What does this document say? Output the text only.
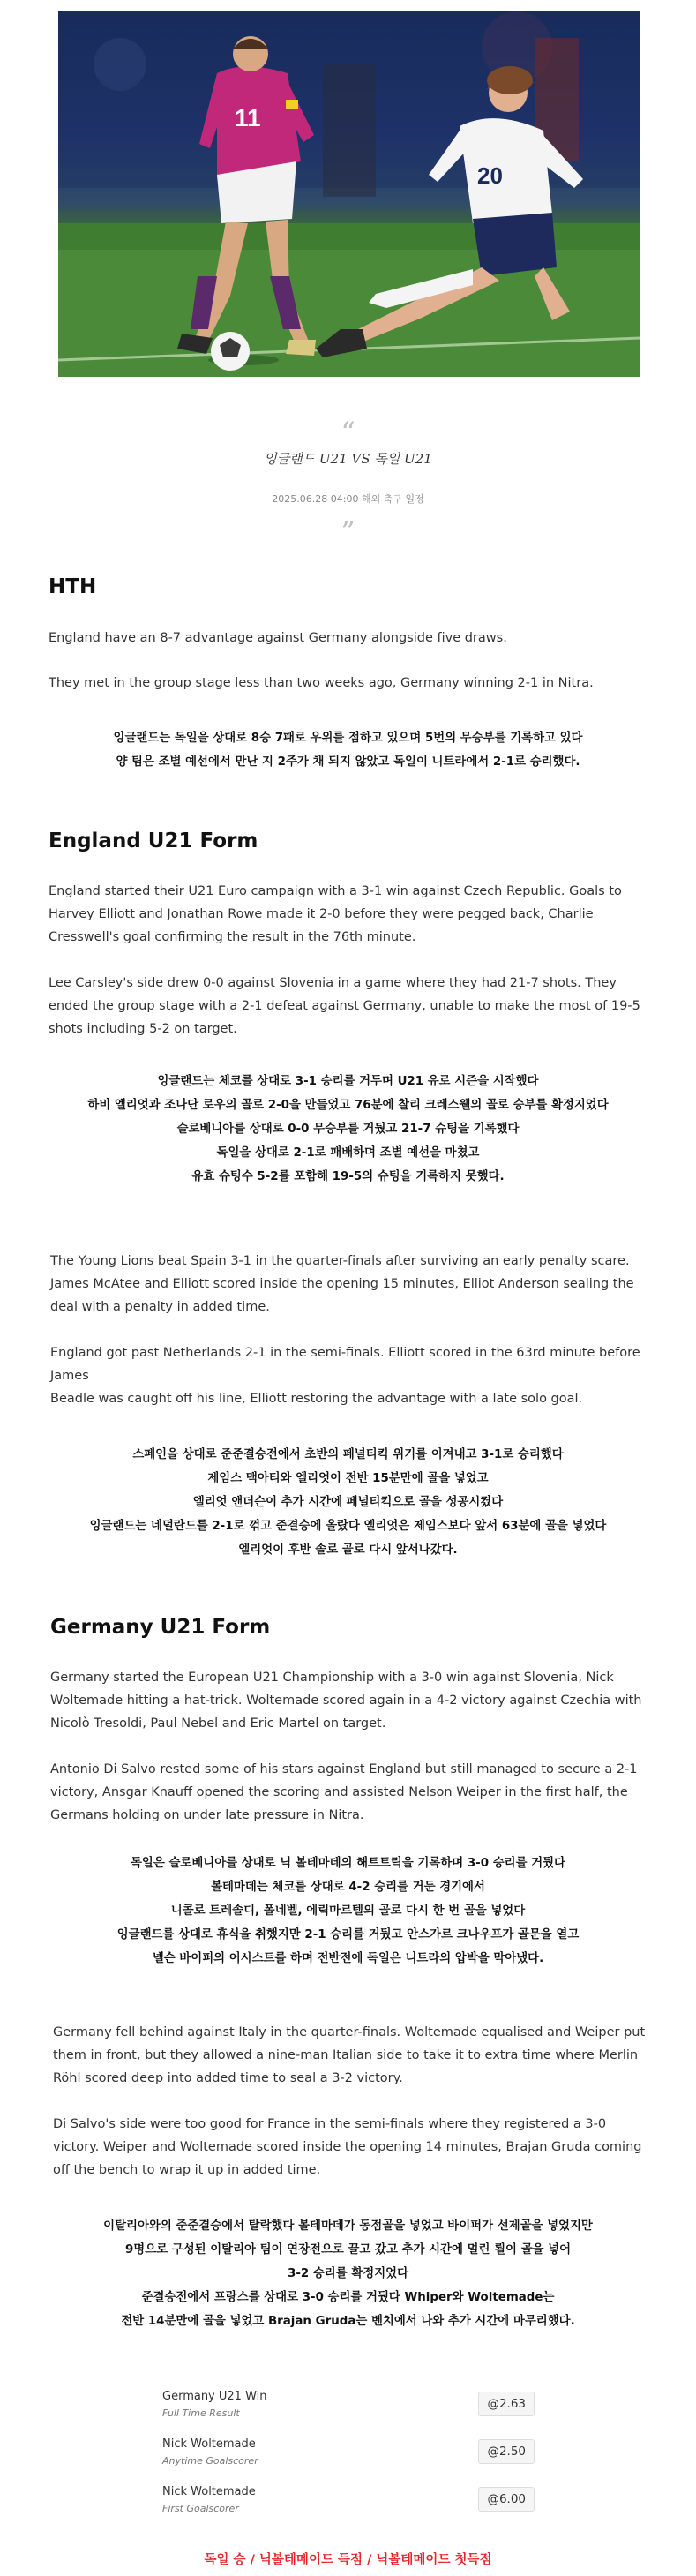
11
20
“
잉글랜드 U21 VS 독일 U21
2025.06.28 04:00 해외 축구 일정
”
HTH

England have an 8-7 advantage against Germany alongside five draws.

They met in the group stage less than two weeks ago, Germany winning 2-1 in Nitra.

잉글랜드는 독일을 상대로 8승 7패로 우위를 점하고 있으며 5번의 무승부를 기록하고 있다
양 팀은 조별 예선에서 만난 지 2주가 채 되지 않았고 독일이 니트라에서 2-1로 승리했다.
England U21 Form

England started their U21 Euro campaign with a 3-1 win against Czech Republic. Goals to Harvey Elliott and Jonathan Rowe made it 2-0 before they were pegged back, Charlie Cresswell's goal confirming the result in the 76th minute.

Lee Carsley's side drew 0-0 against Slovenia in a game where they had 21-7 shots. They ended the group stage with a 2-1 defeat against Germany, unable to make the most of 19-5 shots including 5-2 on target.

잉글랜드는 체코를 상대로 3-1 승리를 거두며 U21 유로 시즌을 시작했다
하비 엘리엇과 조나단 로우의 골로 2-0을 만들었고 76분에 찰리 크레스웰의 골로 승부를 확정지었다
슬로베니아를 상대로 0-0 무승부를 거뒀고 21-7 슈팅을 기록했다
독일을 상대로 2-1로 패배하며 조별 예선을 마쳤고
유효 슈팅수 5-2를 포함해 19-5의 슈팅을 기록하지 못했다.

The Young Lions beat Spain 3-1 in the quarter-finals after surviving an early penalty scare. James McAtee and Elliott scored inside the opening 15 minutes, Elliot Anderson sealing the deal with a penalty in added time.

England got past Netherlands 2-1 in the semi-finals. Elliott scored in the 63rd minute before James

Beadle was caught off his line, Elliott restoring the advantage with a late solo goal.

스페인을 상대로 준준결승전에서 초반의 페널티킥 위기를 이겨내고 3-1로 승리했다
제임스 맥아티와 엘리엇이 전반 15분만에 골을 넣었고
엘리엇 앤더슨이 추가 시간에 페널티킥으로 골을 성공시켰다
잉글랜드는 네덜란드를 2-1로 꺾고 준결승에 올랐다 엘리엇은 제임스보다 앞서 63분에 골을 넣었다
엘리엇이 후반 솔로 골로 다시 앞서나갔다.
Germany U21 Form

Germany started the European U21 Championship with a 3-0 win against Slovenia, Nick Woltemade hitting a hat-trick. Woltemade scored again in a 4-2 victory against Czechia with Nicolò Tresoldi, Paul Nebel and Eric Martel on target.

Antonio Di Salvo rested some of his stars against England but still managed to secure a 2-1 victory, Ansgar Knauff opened the scoring and assisted Nelson Weiper in the first half, the Germans holding on under late pressure in Nitra.

독일은 슬로베니아를 상대로 닉 볼테마데의 해트트릭을 기록하며 3-0 승리를 거뒀다
볼테마데는 체코를 상대로 4-2 승리를 거둔 경기에서
니콜로 트레솔디, 폴네벨, 에릭마르텔의 골로 다시 한 번 골을 넣었다
잉글랜드를 상대로 휴식을 취했지만 2-1 승리를 거뒀고 안스가르 크나우프가 골문을 열고
넬슨 바이퍼의 어시스트를 하며 전반전에 독일은 니트라의 압박을 막아냈다.

Germany fell behind against Italy in the quarter-finals. Woltemade equalised and Weiper put them in front, but they allowed a nine-man Italian side to take it to extra time where Merlin Röhl scored deep into added time to seal a 3-2 victory.

Di Salvo's side were too good for France in the semi-finals where they registered a 3-0 victory. Weiper and Woltemade scored inside the opening 14 minutes, Brajan Gruda coming off the bench to wrap it up in added time.

이탈리아와의 준준결승에서 탈락했다 볼테마데가 동점골을 넣었고 바이퍼가 선제골을 넣었지만
9명으로 구성된 이탈리아 팀이 연장전으로 끌고 갔고 추가 시간에 멀린 뢸이 골을 넣어
3-2 승리를 확정지었다
준결승전에서 프랑스를 상대로 3-0 승리를 거뒀다 Whiper와 Woltemade는
전반 14분만에 골을 넣었고 Brajan Gruda는 벤치에서 나와 추가 시간에 마무리했다.
Germany U21 Win
Full Time Result
@2.63
Nick Woltemade
Anytime Goalscorer
@2.50
Nick Woltemade
First Goalscorer
@6.00
독일 승 / 닉볼테메이드 득점 / 닉볼테메이드 첫득점
